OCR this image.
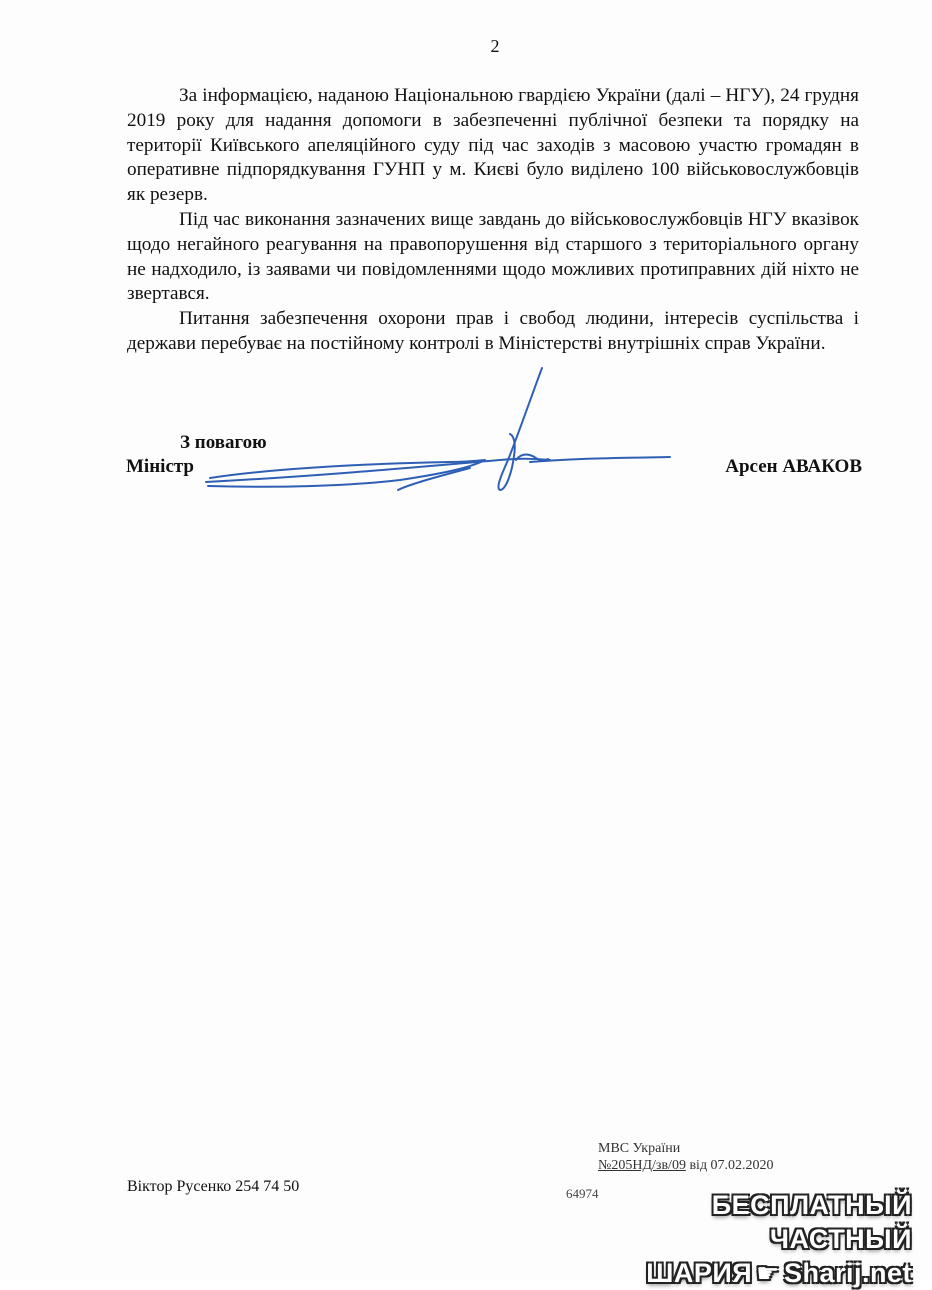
2

За інформацією, наданою Національною гвардією України (далі – НГУ), 24 грудня 2019 року для надання допомоги в забезпеченні публічної безпеки та порядку на території Київського апеляційного суду під час заходів з масовою участю громадян в оперативне підпорядкування ГУНП у м. Києві було виділено 100 військовослужбовців як резерв.

Під час виконання зазначених вище завдань до військовослужбовців НГУ вказівок щодо негайного реагування на правопорушення від старшого з територіального органу не надходило, із заявами чи повідомленнями щодо можливих протиправних дій ніхто не звертався.

Питання забезпечення охорони прав і свобод людини, інтересів суспільства і держави перебуває на постійному контролі в Міністерстві внутрішніх справ України.

З повагою
Міністр	Арсен АВАКОВ
Віктор Русенко 254 74 50
МВС України
№205НД/зв/09 від 07.02.2020
64974	БЕСПЛАТНЫЙ ЧАСТНЫЙ
ШАРИЯ ☛ Sharij.net
